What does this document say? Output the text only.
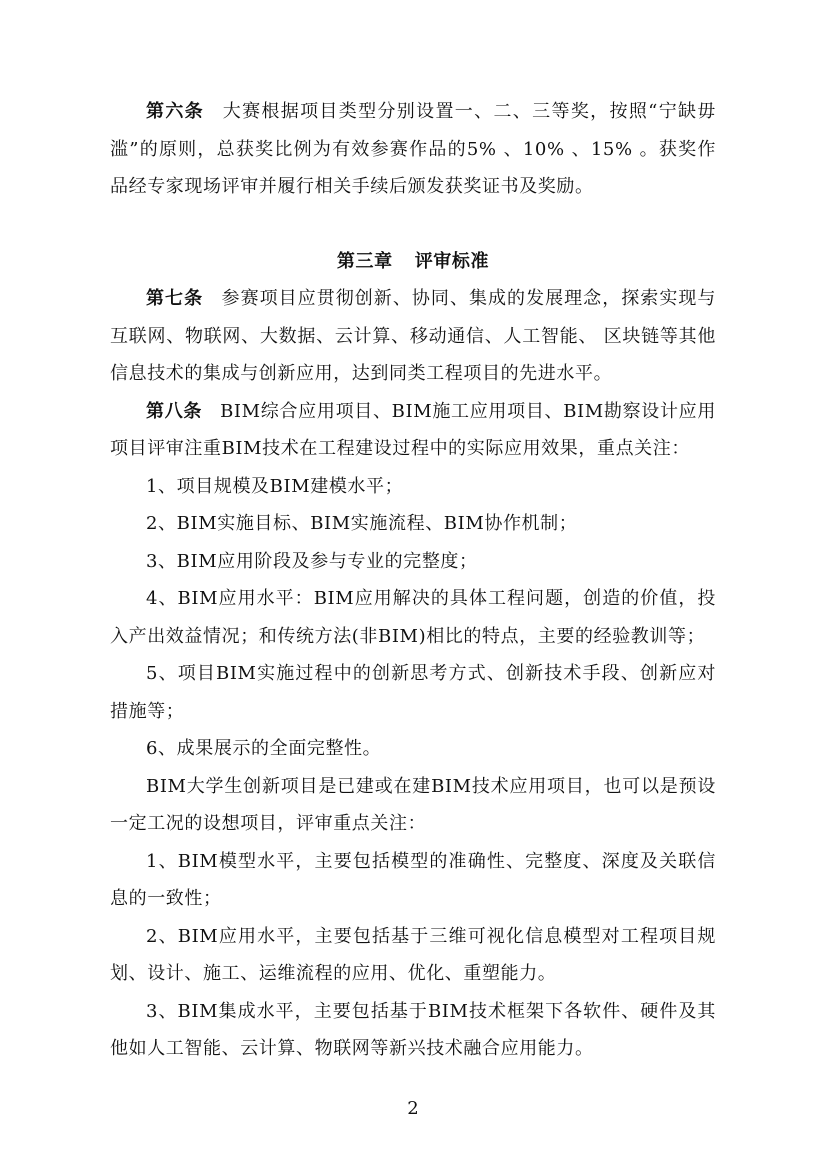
第六条 大赛根据项目类型分别设置一、二、三等奖，按照“宁缺毋滥”的原则，总获奖比例为有效参赛作品的5% 、10% 、15% 。获奖作品经专家现场评审并履行相关手续后颁发获奖证书及奖励。

第三章 评审标准

第七条 参赛项目应贯彻创新、协同、集成的发展理念，探索实现与互联网、物联网、大数据、云计算、移动通信、人工智能、 区块链等其他信息技术的集成与创新应用，达到同类工程项目的先进水平。

第八条 BIM综合应用项目、BIM施工应用项目、BIM勘察设计应用项目评审注重BIM技术在工程建设过程中的实际应用效果，重点关注：

1、项目规模及BIM建模水平；

2、BIM实施目标、BIM实施流程、BIM协作机制；

3、BIM应用阶段及参与专业的完整度；

4、BIM应用水平：BIM应用解决的具体工程问题，创造的价值，投入产出效益情况；和传统方法(非BIM)相比的特点，主要的经验教训等；

5、项目BIM实施过程中的创新思考方式、创新技术手段、创新应对措施等；

6、成果展示的全面完整性。

BIM大学生创新项目是已建或在建BIM技术应用项目，也可以是预设一定工况的设想项目，评审重点关注：

1、BIM模型水平，主要包括模型的准确性、完整度、深度及关联信息的一致性；

2、BIM应用水平，主要包括基于三维可视化信息模型对工程项目规划、设计、施工、运维流程的应用、优化、重塑能力。

3、BIM集成水平，主要包括基于BIM技术框架下各软件、硬件及其他如人工智能、云计算、物联网等新兴技术融合应用能力。

2
